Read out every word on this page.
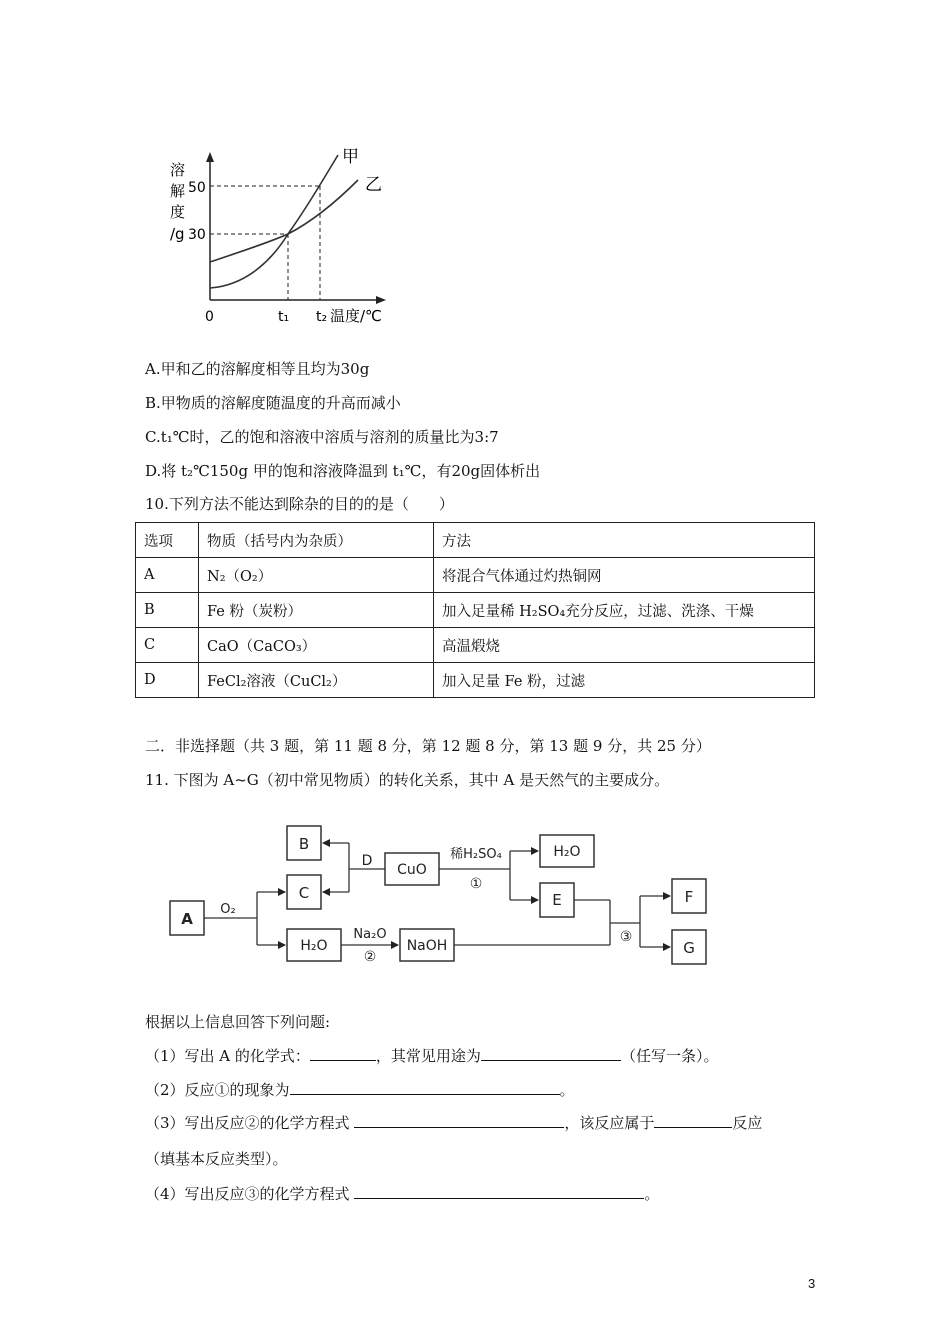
溶
解
度
/g
50
30
0	t₁ t₂ 温度/℃
甲
乙
A.甲和乙的溶解度相等且均为30g
B.甲物质的溶解度随温度的升高而减小
C.t₁℃时，乙的饱和溶液中溶质与溶剂的质量比为3:7
D.将 t₂℃150g 甲的饱和溶液降温到 t₁℃，有20g固体析出
10.下列方法不能达到除杂的目的的是（　　）
选项	物质（括号内为杂质）	方法
A	N₂（O₂）	将混合气体通过灼热铜网
B	Fe 粉（炭粉）	加入足量稀 H₂SO₄充分反应，过滤、洗涤、干燥
C	CaO（CaCO₃）	高温煅烧
D	FeCl₂溶液（CuCl₂）	加入足量 Fe 粉，过滤
二．非选择题（共 3 题，第 11 题 8 分，第 12 题 8 分，第 13 题 9 分，共 25 分）
11. 下图为 A~G（初中常见物质）的转化关系，其中 A 是天然气的主要成分。
A
B
C
CuO
H₂O
E	F
G
H₂O	NaOH
O₂
D	稀H₂SO₄
①
Na₂O
②
③
根据以上信息回答下列问题:
（1）写出 A 的化学式：	，其常见用途为	（任写一条）。
（2）反应①的现象为	。
（3）写出反应②的化学方程式	，该反应属于	反应
（填基本反应类型）。
（4）写出反应③的化学方程式	。
3
